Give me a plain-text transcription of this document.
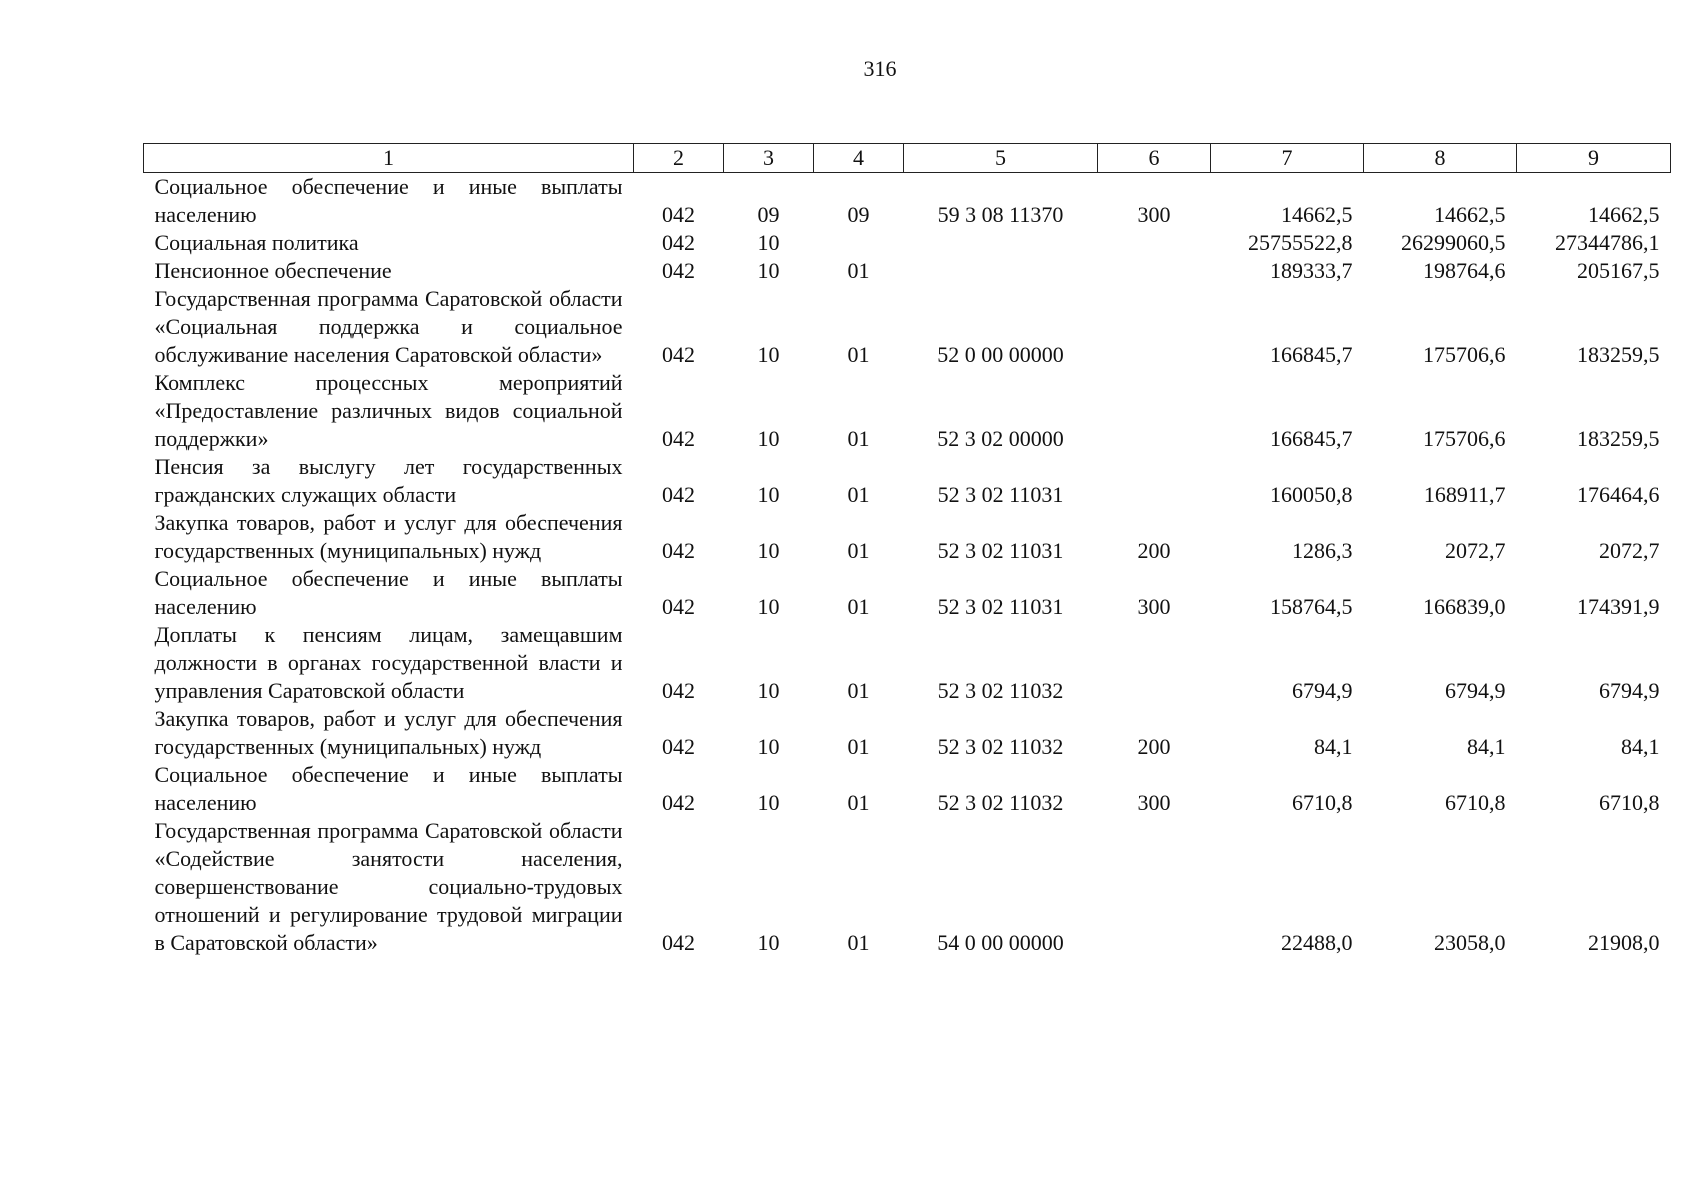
316
1	2	3	4	5	6	7	8	9
Социальное обеспечение и иные выплаты населению	042	09	09	59 3 08 11370	300	14662,5	14662,5	14662,5
Социальная политика	042	10				25755522,8	26299060,5	27344786,1
Пенсионное обеспечение	042	10	01			189333,7	198764,6	205167,5
Государственная программа Саратовской области «Социальная поддержка и социальное обслуживание населения Саратовской области»	042	10	01	52 0 00 00000		166845,7	175706,6	183259,5
Комплекс процессных мероприятий «Предоставление различных видов социальной поддержки»	042	10	01	52 3 02 00000		166845,7	175706,6	183259,5
Пенсия за выслугу лет государственных гражданских служащих области	042	10	01	52 3 02 11031		160050,8	168911,7	176464,6
Закупка товаров, работ и услуг для обеспечения государственных (муниципальных) нужд	042	10	01	52 3 02 11031	200	1286,3	2072,7	2072,7
Социальное обеспечение и иные выплаты населению	042	10	01	52 3 02 11031	300	158764,5	166839,0	174391,9
Доплаты к пенсиям лицам, замещавшим должности в органах государственной власти и управления Саратовской области	042	10	01	52 3 02 11032		6794,9	6794,9	6794,9
Закупка товаров, работ и услуг для обеспечения государственных (муниципальных) нужд	042	10	01	52 3 02 11032	200	84,1	84,1	84,1
Социальное обеспечение и иные выплаты населению	042	10	01	52 3 02 11032	300	6710,8	6710,8	6710,8
Государственная программа Саратовской области «Содействие занятости населения, совершенствование социально-трудовых отношений и регулирование трудовой миграции в Саратовской области»	042	10	01	54 0 00 00000		22488,0	23058,0	21908,0
